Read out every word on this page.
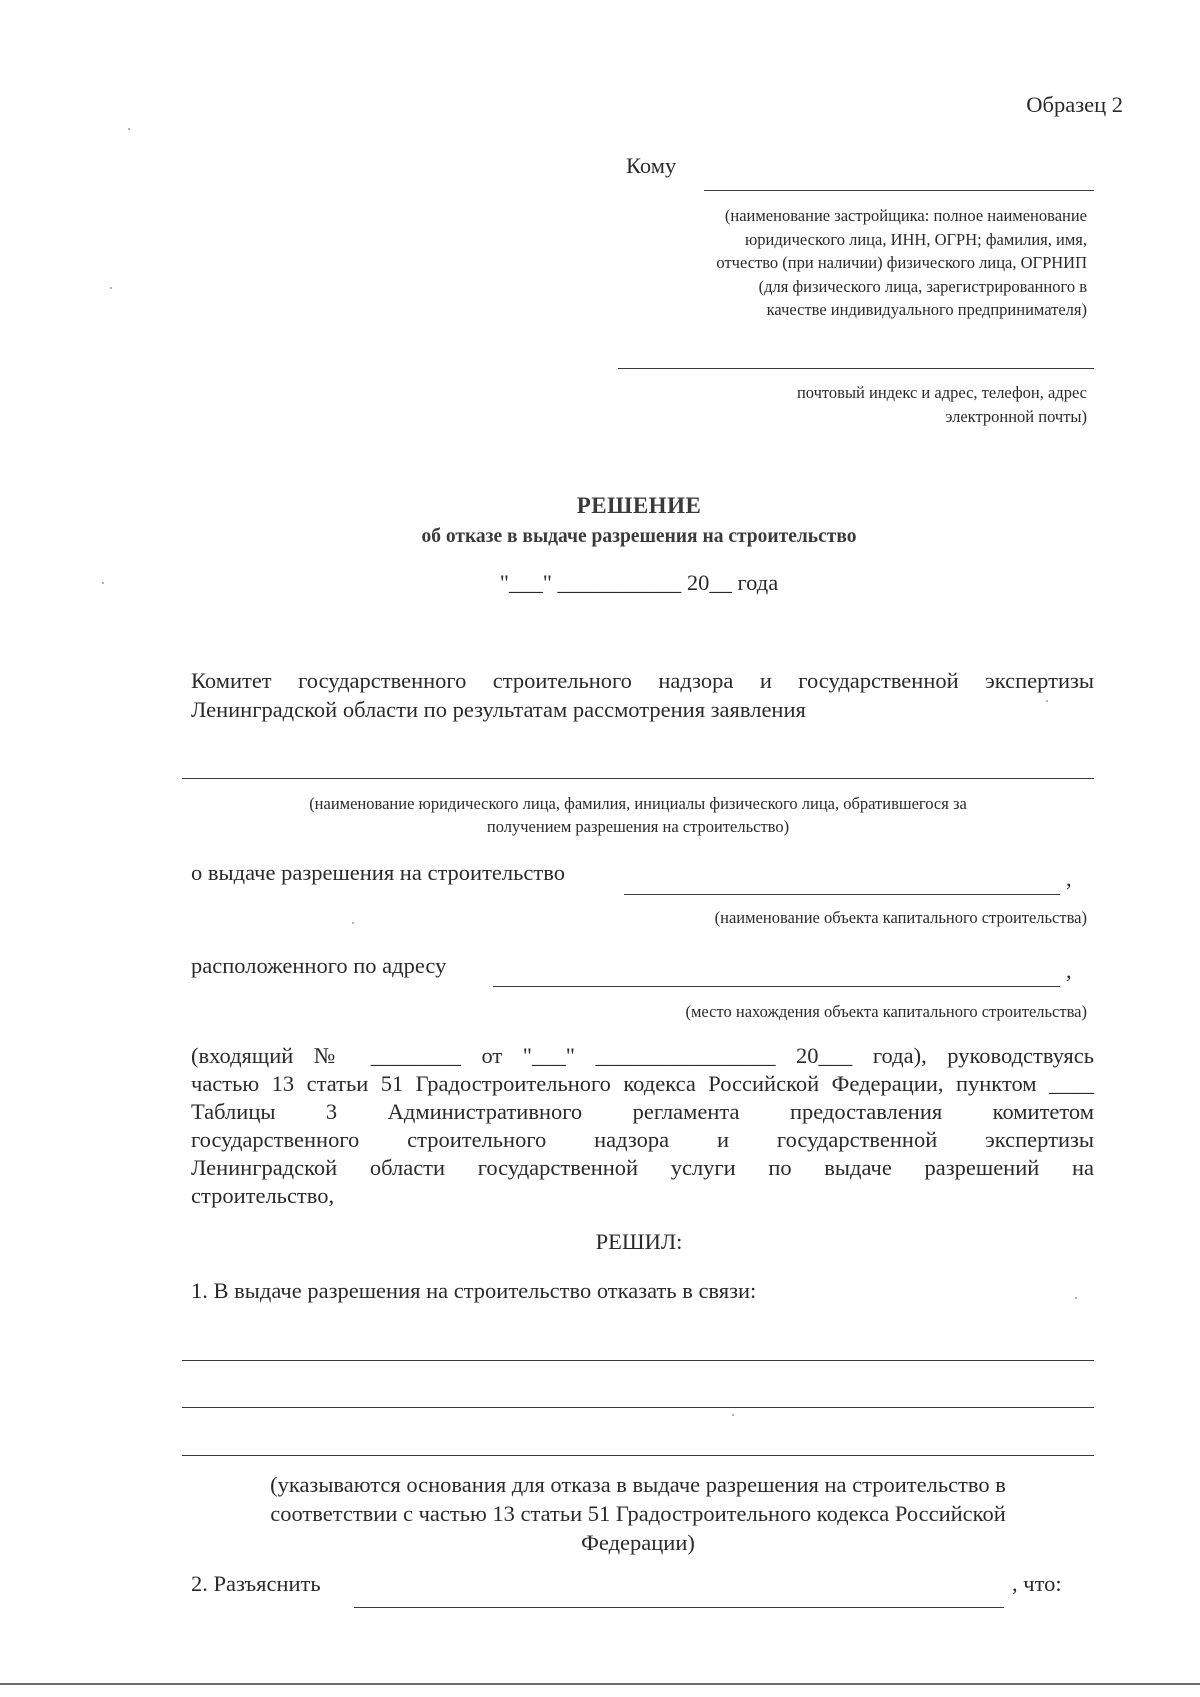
Образец 2
Кому
(наименование застройщика: полное наименование
юридического лица, ИНН, ОГРН; фамилия, имя,
отчество (при наличии) физического лица, ОГРНИП
(для физического лица, зарегистрированного в
качестве индивидуального предпринимателя)
почтовый индекс и адрес, телефон, адрес
электронной почты)
РЕШЕНИЕ
об отказе в выдаче разрешения на строительство
"___" ___________ 20__ года
Комитет государственного строительного надзора и государственной экспертизы
Ленинградской области по результатам рассмотрения заявления
(наименование юридического лица, фамилия, инициалы физического лица, обратившегося за
получением разрешения на строительство)
о выдаче разрешения на строительство	,
(наименование объекта капитального строительства)
расположенного по адресу	,
(место нахождения объекта капитального строительства)
(входящий № ________ от "___" ________________ 20___ года), руководствуясь
частью 13 статьи 51 Градостроительного кодекса Российской Федерации, пунктом ____
Таблицы 3 Административного регламента предоставления комитетом
государственного строительного надзора и государственной экспертизы
Ленинградской области государственной услуги по выдаче разрешений на
строительство,
РЕШИЛ:
1. В выдаче разрешения на строительство отказать в связи:
(указываются основания для отказа в выдаче разрешения на строительство в
соответствии с частью 13 статьи 51 Градостроительного кодекса Российской
Федерации)
2. Разъяснить	, что:
